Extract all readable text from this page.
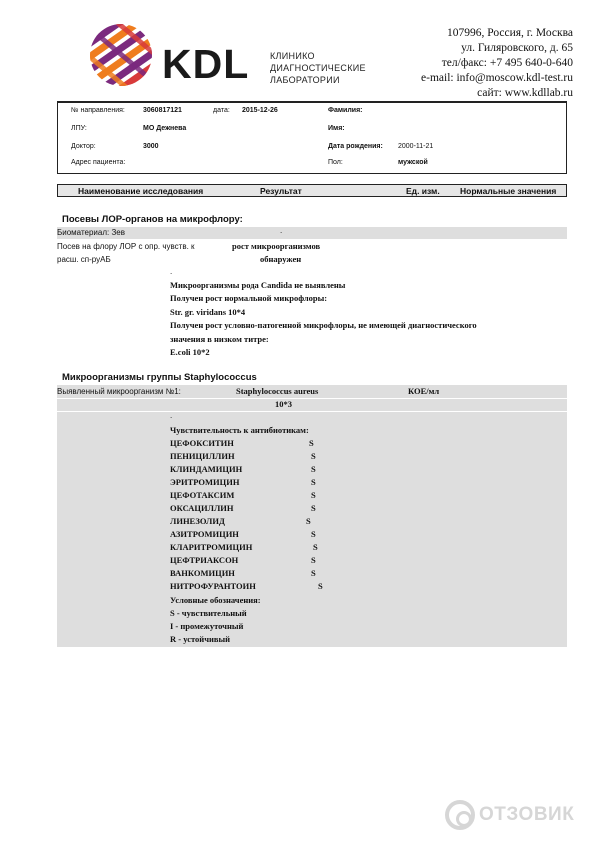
KDL КЛИНИКО
ДИАГНОСТИЧЕСКИЕ
ЛАБОРАТОРИИ
107996, Россия, г. Москва
ул. Гиляровского, д. 65
тел/факс: +7 495 640-0-640
e-mail: info@moscow.kdl-test.ru
сайт: www.kdllab.ru
№ направления:	3060817121	дата: 2015-12-26	Фамилия:
ЛПУ:	МО Дежнева	Имя:
Доктор:	3000	Дата рождения: 2000-11-21
Адрес пациента:	Пол:	мужской
Наименование исследования	Результат	Ед. изм. Нормальные значения
Посевы ЛОР-органов на микрофлору:
Биоматериал: Зев	.
Посев на флору ЛОР с опр. чувств. к	рост микроорганизмов
расш. сп-руАБ	обнаружен
.
Микроорганизмы рода Candida не выявлены
Получен рост нормальной микрофлоры:
Str. gr. viridans 10*4
Получен рост условно-патогенной микрофлоры, не имеющей диагностического
значения в низком титре:
E.coli 10*2
Микроорганизмы группы Staphylococcus
Выявленный микроорганизм №1:	Staphylococcus aureus	КОЕ/мл
10*3
.
Чувствительность к антибиотикам:
ЦЕФОКСИТИН	S
ПЕНИЦИЛЛИН	S
КЛИНДАМИЦИН	S
ЭРИТРОМИЦИН	S
ЦЕФОТАКСИМ	S
ОКСАЦИЛЛИН	S
ЛИНЕЗОЛИД	S
АЗИТРОМИЦИН	S
КЛАРИТРОМИЦИН	S
ЦЕФТРИАКСОН	S
ВАНКОМИЦИН	S
НИТРОФУРАНТОИН	S
Условные обозначения:
S - чувствительный
I - промежуточный
R - устойчивый
ОТЗОВИК
